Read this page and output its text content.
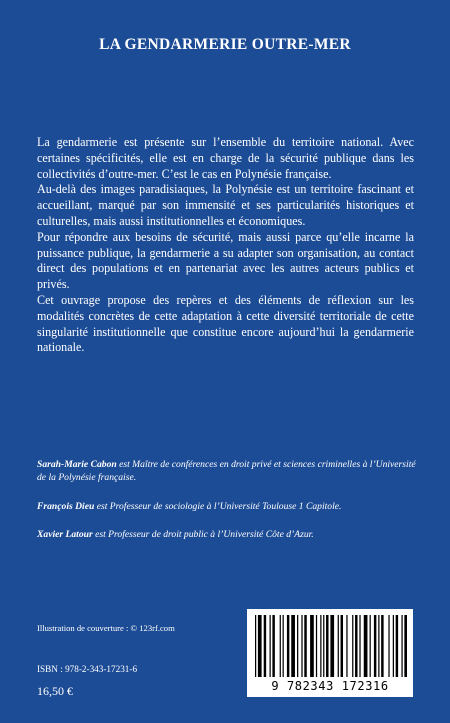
LA GENDARMERIE OUTRE-MER

La gendarmerie est présente sur l’ensemble du territoire national. Avec certaines spécificités, elle est en charge de la sécurité publique dans les collectivités d’outre-mer. C’est le cas en Polynésie française.

Au-delà des images paradisiaques, la Polynésie est un territoire fascinant et accueillant, marqué par son immensité et ses particularités historiques et culturelles, mais aussi institutionnelles et économiques.

Pour répondre aux besoins de sécurité, mais aussi parce qu’elle incarne la puissance publique, la gendarmerie a su adapter son organisation, au contact direct des populations et en partenariat avec les autres acteurs publics et privés.

Cet ouvrage propose des repères et des éléments de réflexion sur les modalités concrètes de cette adaptation à cette diversité territoriale de cette singularité institutionnelle que constitue encore aujourd’hui la gendarmerie nationale.

Sarah-Marie Cabon est Maître de conférences en droit privé et sciences criminelles à l’Université de la Polynésie française.
François Dieu est Professeur de sociologie à l’Université Toulouse 1 Capitole.
Xavier Latour est Professeur de droit public à l’Université Côte d’Azur.
Illustration de couverture : © 123rf.com
ISBN : 978-2-343-17231-6
16,50 €	9 782343 172316
